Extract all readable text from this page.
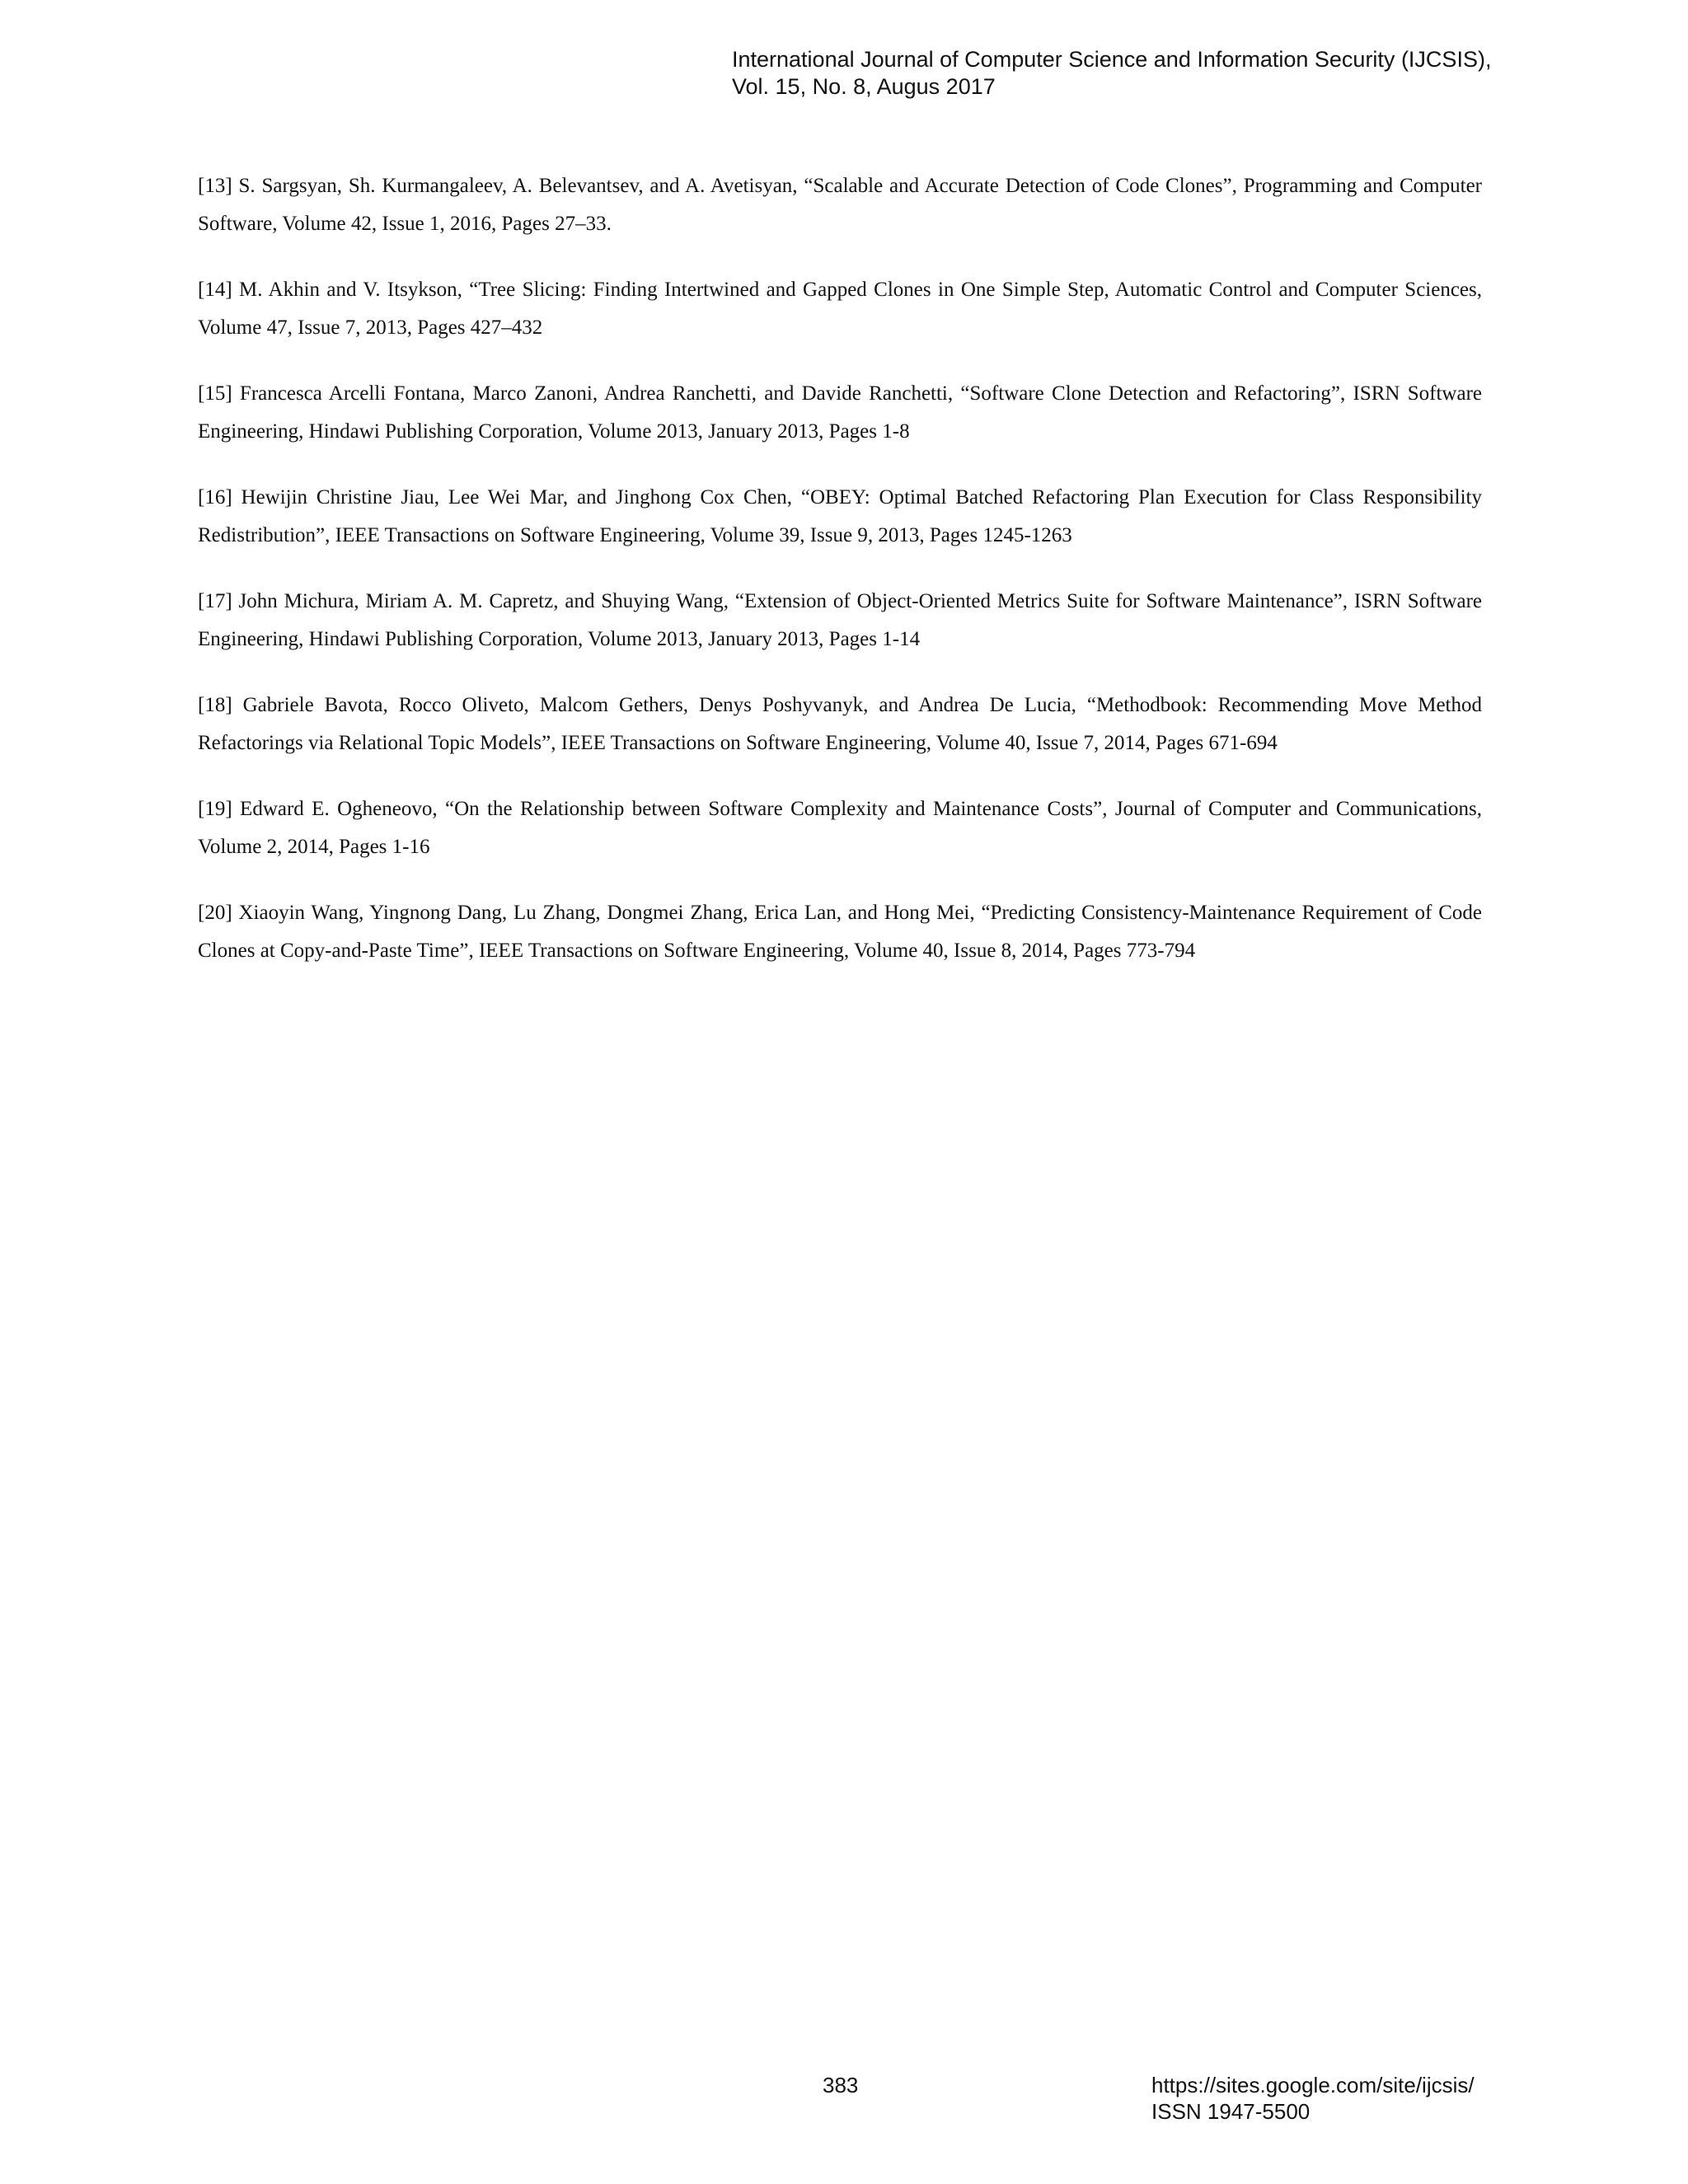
International Journal of Computer Science and Information Security (IJCSIS),
Vol. 15, No. 8, Augus 2017

[13] S. Sargsyan, Sh. Kurmangaleev, A. Belevantsev, and A. Avetisyan, “Scalable and Accurate Detection of Code Clones”, Programming and Computer Software, Volume 42, Issue 1, 2016, Pages 27–33.

[14] M. Akhin and V. Itsykson, “Tree Slicing: Finding Intertwined and Gapped Clones in One Simple Step, Automatic Control and Computer Sciences, Volume 47, Issue 7, 2013, Pages 427–432

[15] Francesca Arcelli Fontana, Marco Zanoni, Andrea Ranchetti, and Davide Ranchetti, “Software Clone Detection and Refactoring”, ISRN Software Engineering, Hindawi Publishing Corporation, Volume 2013, January 2013, Pages 1-8

[16] Hewijin Christine Jiau, Lee Wei Mar, and Jinghong Cox Chen, “OBEY: Optimal Batched Refactoring Plan Execution for Class Responsibility Redistribution”, IEEE Transactions on Software Engineering, Volume 39, Issue 9, 2013, Pages 1245-1263

[17] John Michura, Miriam A. M. Capretz, and Shuying Wang, “Extension of Object-Oriented Metrics Suite for Software Maintenance”, ISRN Software Engineering, Hindawi Publishing Corporation, Volume 2013, January 2013, Pages 1-14

[18] Gabriele Bavota, Rocco Oliveto, Malcom Gethers, Denys Poshyvanyk, and Andrea De Lucia, “Methodbook: Recommending Move Method Refactorings via Relational Topic Models”, IEEE Transactions on Software Engineering, Volume 40, Issue 7, 2014, Pages 671-694

[19] Edward E. Ogheneovo, “On the Relationship between Software Complexity and Maintenance Costs”, Journal of Computer and Communications, Volume 2, 2014, Pages 1-16

[20] Xiaoyin Wang, Yingnong Dang, Lu Zhang, Dongmei Zhang, Erica Lan, and Hong Mei, “Predicting Consistency-Maintenance Requirement of Code Clones at Copy-and-Paste Time”, IEEE Transactions on Software Engineering, Volume 40, Issue 8, 2014, Pages 773-794

383	https://sites.google.com/site/ijcsis/
ISSN 1947-5500
